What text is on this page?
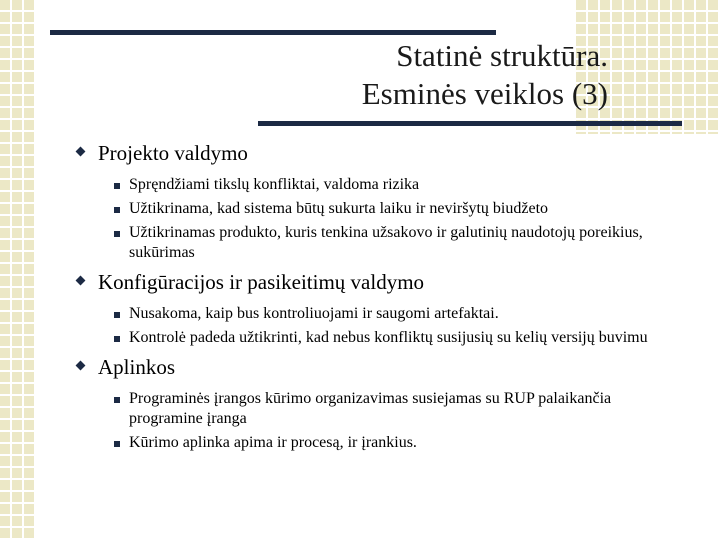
Statinė struktūra.
Esminės veiklos (3)
Projekto valdymo
Spręndžiami tikslų konfliktai, valdoma rizika
Užtikrinama, kad sistema būtų sukurta laiku ir neviršytų biudžeto
Užtikrinamas produkto, kuris tenkina užsakovo ir galutinių naudotojų poreikius, sukūrimas
Konfigūracijos ir pasikeitimų valdymo
Nusakoma, kaip bus kontroliuojami ir saugomi artefaktai.
Kontrolė padeda užtikrinti, kad nebus konfliktų susijusių su kelių versijų buvimu
Aplinkos
Programinės įrangos kūrimo organizavimas susiejamas su RUP palaikančia programine įranga
Kūrimo aplinka apima ir procesą, ir įrankius.
